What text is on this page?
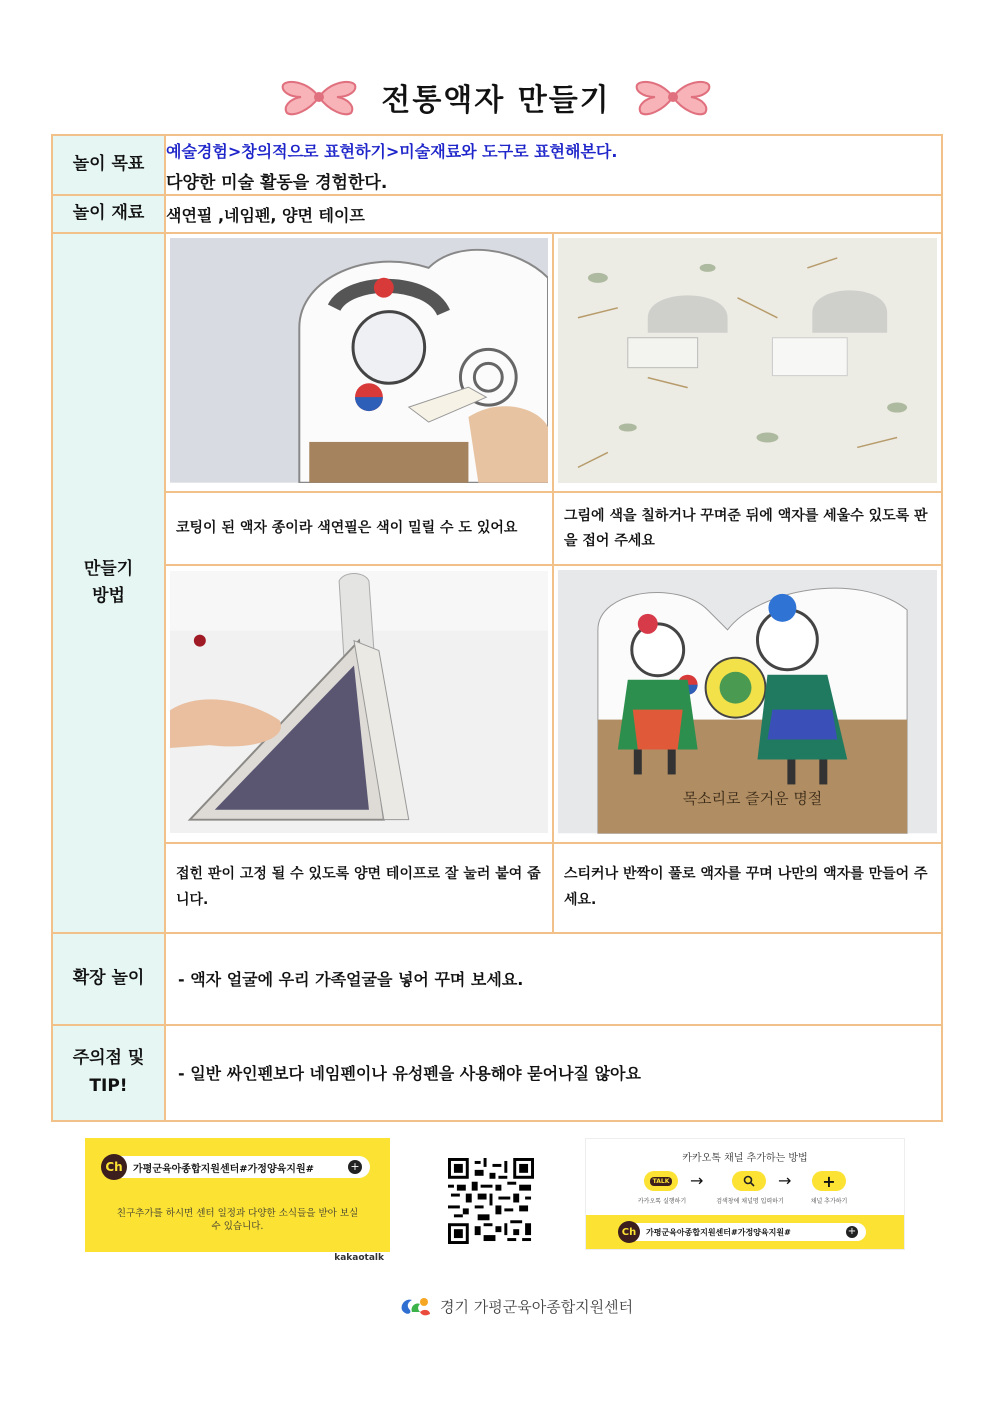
전통액자 만들기
놀이 목표	예술경험>창의적으로 표현하기>미술재료와 도구로 표현해본다.
다양한 미술 활동을 경험한다.	

놀이 재료	색연필 ,네임펜, 양면 테이프	

만들기
방법

	코팅이 된 액자 종이라 색연필은 색이 밀릴 수 도 있어요	그림에 색을 칠하거나 꾸며준 뒤에 액자를 세울수 있도록 판을 접어 주세요

목소리로 즐거운 명절

	접힌 판이 고정 될 수 있도록 양면 테이프로 잘 눌러 붙여 줍니다.	스티커나 반짝이 풀로 액자를 꾸며 나만의 액자를 만들어 주세요.
확장 놀이	- 액자 얼굴에 우리 가족얼굴을 넣어 꾸며 보세요.	

주의점 및
TIP!	- 일반 싸인펜보다 네임펜이나 유성펜을 사용해야 묻어나질 않아요	
Ch	가평군육아종합지원센터#가정양육지원#	+
친구추가를 하시면 센터 일정과 다양한 소식들을 받아 보실
수 있습니다.
kakaotalk
카카오톡 채널 추가하는 방법
TALK →	→	+
카카오톡 실행하기	검색창에 채널명 입력하기	채널 추가하기
Ch	가평군육아종합지원센터#가정양육지원#	+
경기 가평군육아종합지원센터
